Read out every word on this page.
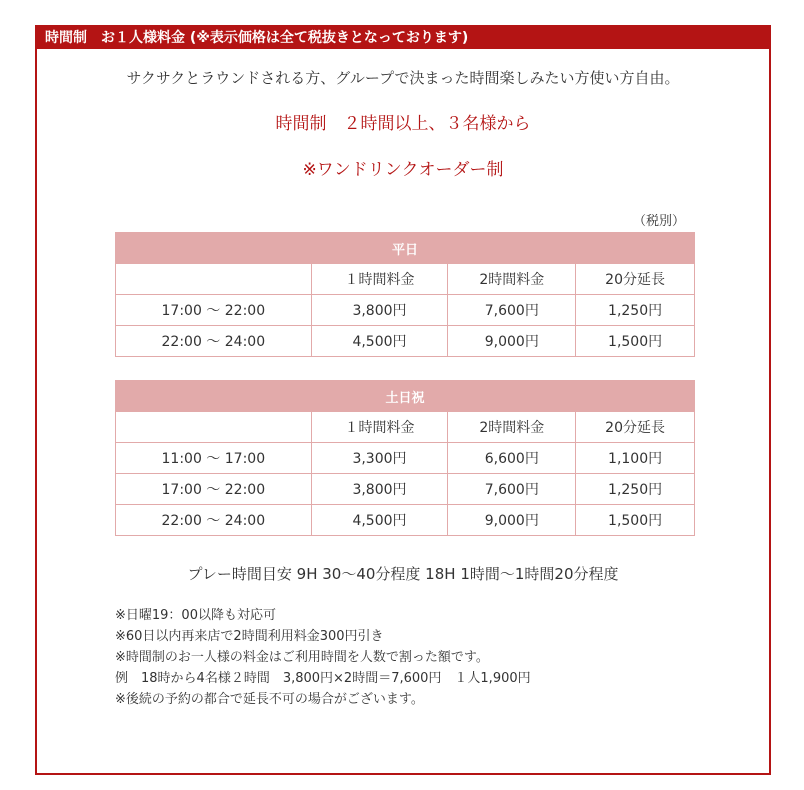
時間制　お１人様料金 (※表示価格は全て税抜きとなっております)
サクサクとラウンドされる方、グループで決まった時間楽しみたい方使い方自由。
時間制　２時間以上、３名様から
※ワンドリンクオーダー制
（税別）
平日			
	１時間料金	2時間料金	20分延長
17:00 ～ 22:00	3,800円	7,600円	1,250円
22:00 ～ 24:00	4,500円	9,000円	1,500円
土日祝			
	１時間料金	2時間料金	20分延長
11:00 ～ 17:00	3,300円	6,600円	1,100円
17:00 ～ 22:00	3,800円	7,600円	1,250円
22:00 ～ 24:00	4,500円	9,000円	1,500円
プレー時間目安 9H 30～40分程度 18H 1時間～1時間20分程度
※日曜19：00以降も対応可
※60日以内再来店で2時間利用料金300円引き
※時間制のお一人様の料金はご利用時間を人数で割った額です。
例　18時から4名様２時間　3,800円×2時間＝7,600円　１人1,900円
※後続の予約の都合で延長不可の場合がございます。
